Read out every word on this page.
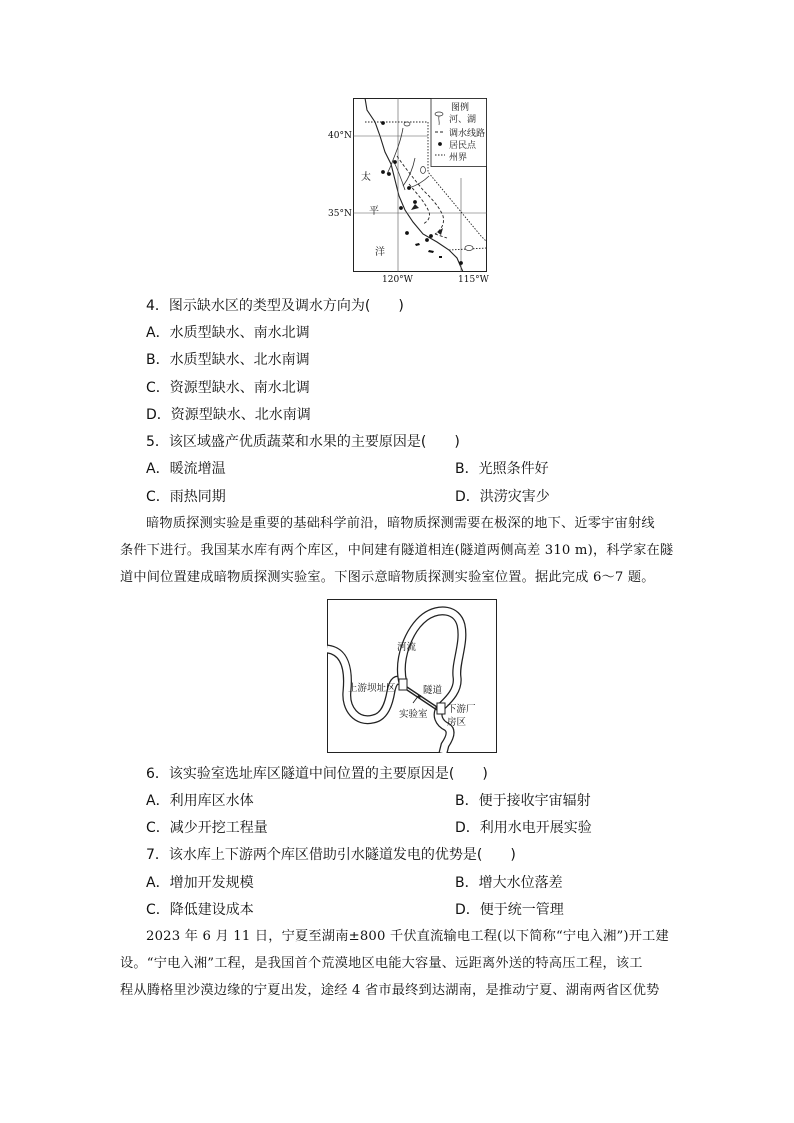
40°N
35°N
120°W	115°W
图例
河、湖
调水线路
居民点
州界
太
平
洋
4．图示缺水区的类型及调水方向为(　　)
A．水质型缺水、南水北调
B．水质型缺水、北水南调
C．资源型缺水、南水北调
D．资源型缺水、北水南调
5．该区域盛产优质蔬菜和水果的主要原因是(　　)
A．暖流增温	B．光照条件好
C．雨热同期	D．洪涝灾害少
暗物质探测实验是重要的基础科学前沿，暗物质探测需要在极深的地下、近零宇宙射线
条件下进行。我国某水库有两个库区，中间建有隧道相连(隧道两侧高差 310 m)，科学家在隧
道中间位置建成暗物质探测实验室。下图示意暗物质探测实验室位置。据此完成 6～7 题。
河流
上游坝址区	隧道
实验室 下游厂
房区
6．该实验室选址库区隧道中间位置的主要原因是(　　)
A．利用库区水体	B．便于接收宇宙辐射
C．减少开挖工程量	D．利用水电开展实验
7．该水库上下游两个库区借助引水隧道发电的优势是(　　)
A．增加开发规模	B．增大水位落差
C．降低建设成本	D．便于统一管理
2023 年 6 月 11 日，宁夏至湖南±800 千伏直流输电工程(以下简称“宁电入湘”)开工建
设。“宁电入湘”工程，是我国首个荒漠地区电能大容量、远距离外送的特高压工程，该工
程从腾格里沙漠边缘的宁夏出发，途经 4 省市最终到达湖南，是推动宁夏、湖南两省区优势
